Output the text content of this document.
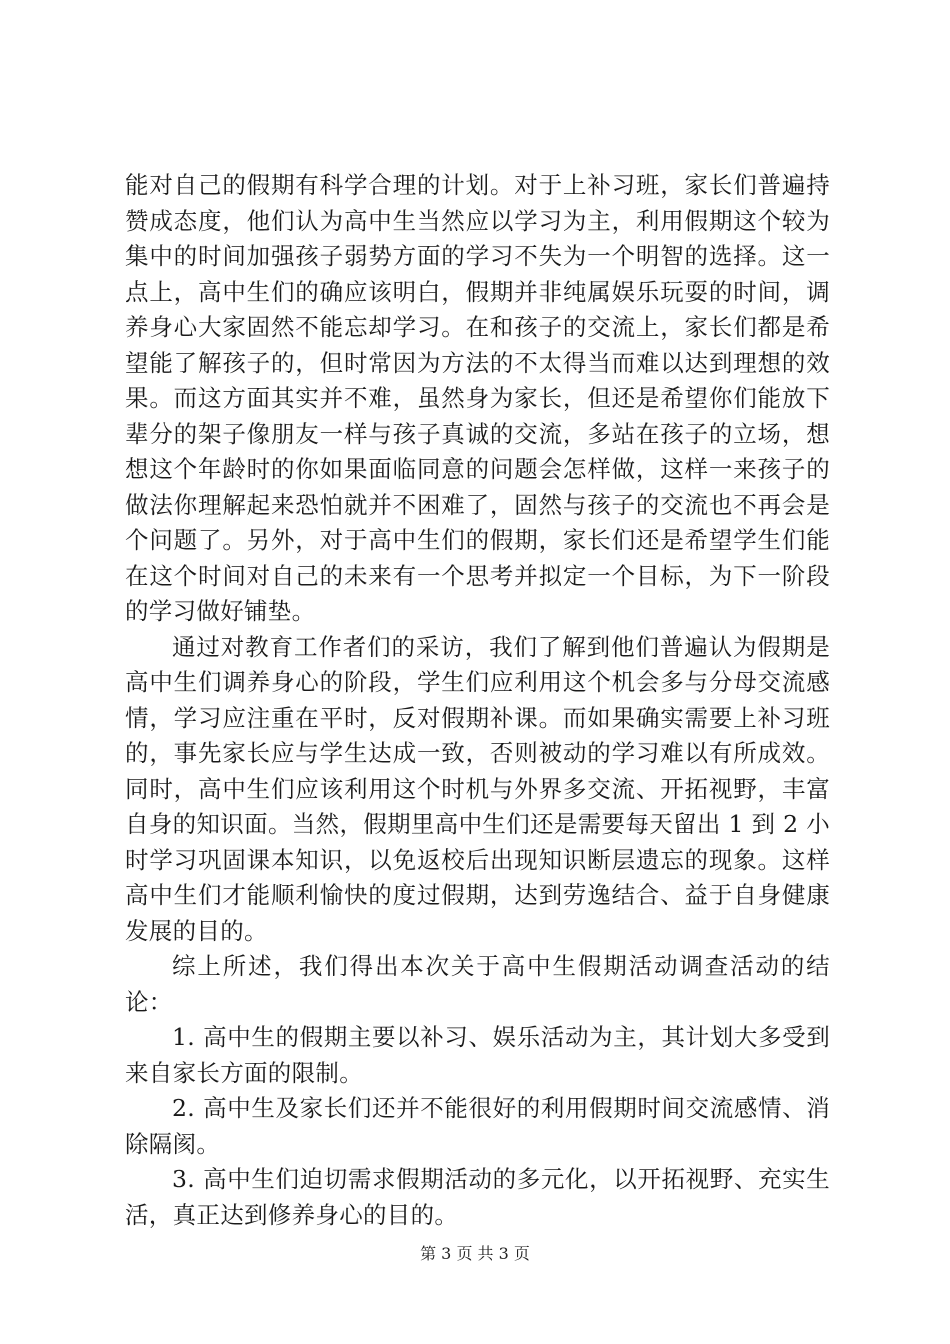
能对自己的假期有科学合理的计划。对于上补习班，家长们普遍持赞成态度，他们认为高中生当然应以学习为主，利用假期这个较为集中的时间加强孩子弱势方面的学习不失为一个明智的选择。这一点上，高中生们的确应该明白，假期并非纯属娱乐玩耍的时间，调养身心大家固然不能忘却学习。在和孩子的交流上，家长们都是希望能了解孩子的，但时常因为方法的不太得当而难以达到理想的效果。而这方面其实并不难，虽然身为家长，但还是希望你们能放下辈分的架子像朋友一样与孩子真诚的交流，多站在孩子的立场，想想这个年龄时的你如果面临同意的问题会怎样做，这样一来孩子的做法你理解起来恐怕就并不困难了，固然与孩子的交流也不再会是个问题了。另外，对于高中生们的假期，家长们还是希望学生们能在这个时间对自己的未来有一个思考并拟定一个目标，为下一阶段的学习做好铺垫。

通过对教育工作者们的采访，我们了解到他们普遍认为假期是高中生们调养身心的阶段，学生们应利用这个机会多与分母交流感情，学习应注重在平时，反对假期补课。而如果确实需要上补习班的，事先家长应与学生达成一致，否则被动的学习难以有所成效。同时，高中生们应该利用这个时机与外界多交流、开拓视野，丰富自身的知识面。当然，假期里高中生们还是需要每天留出 1 到 2 小时学习巩固课本知识，以免返校后出现知识断层遗忘的现象。这样高中生们才能顺利愉快的度过假期，达到劳逸结合、益于自身健康发展的目的。

综上所述，我们得出本次关于高中生假期活动调查活动的结论：

1. 高中生的假期主要以补习、娱乐活动为主，其计划大多受到来自家长方面的限制。

2. 高中生及家长们还并不能很好的利用假期时间交流感情、消除隔阂。

3. 高中生们迫切需求假期活动的多元化，以开拓视野、充实生活，真正达到修养身心的目的。

第 3 页 共 3 页
